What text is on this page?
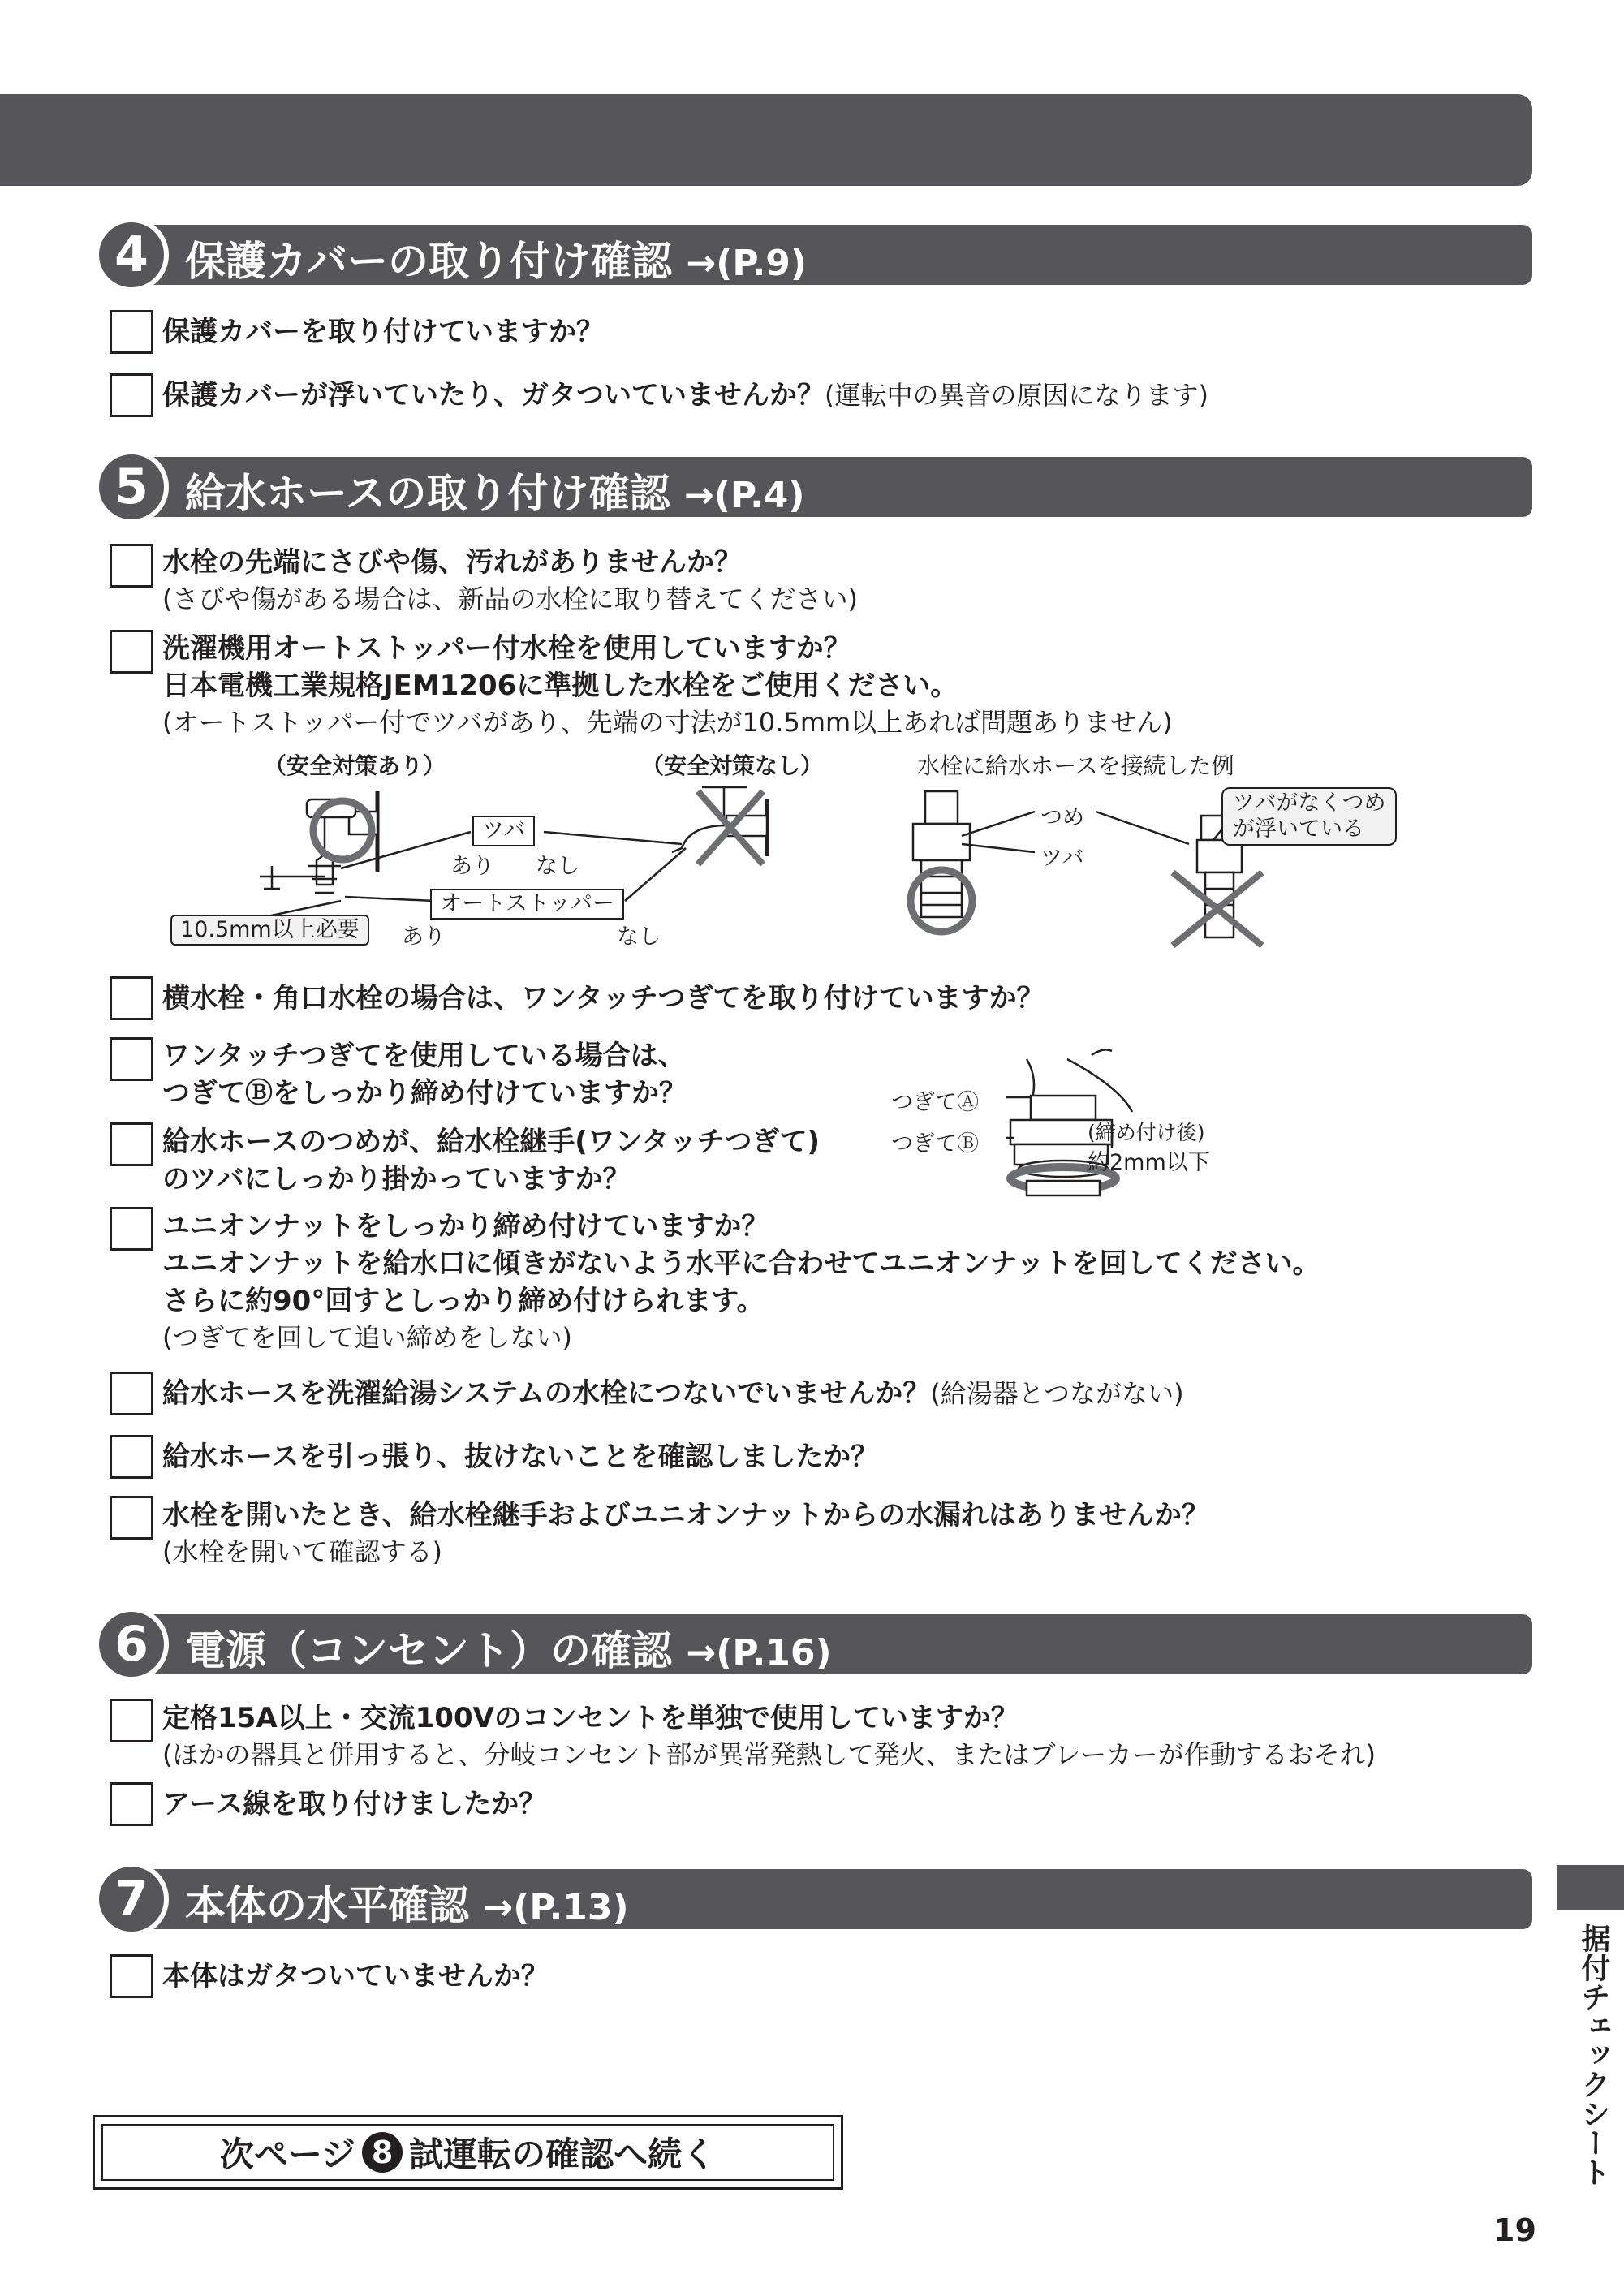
4 保護カバーの取り付け確認 →(P.9)
保護カバーを取り付けていますか？
保護カバーが浮いていたり、ガタついていませんか？(運転中の異音の原因になります)
5 給水ホースの取り付け確認 →(P.4)
水栓の先端にさびや傷、汚れがありませんか？
(さびや傷がある場合は、新品の水栓に取り替えてください)
洗濯機用オートストッパー付水栓を使用していますか？
日本電機工業規格JEM1206に準拠した水栓をご使用ください。
(オートストッパー付でツバがあり、先端の寸法が10.5mm以上あれば問題ありません)
（安全対策あり）	（安全対策なし）	水栓に給水ホースを接続した例
ツバ
あり なし
オートストッパー
あり	なし
10.5mm以上必要
つめ
ツバ
ツバがなくつめ
が浮いている
横水栓・角口水栓の場合は、ワンタッチつぎてを取り付けていますか？
ワンタッチつぎてを使用している場合は、
つぎてⒷをしっかり締め付けていますか？
給水ホースのつめが、給水栓継手(ワンタッチつぎて)
のツバにしっかり掛かっていますか？
つぎてⒶ
つぎてⒷ	(締め付け後)
約2mm以下
ユニオンナットをしっかり締め付けていますか？
ユニオンナットを給水口に傾きがないよう水平に合わせてユニオンナットを回してください。
さらに約90°回すとしっかり締め付けられます。
(つぎてを回して追い締めをしない)
給水ホースを洗濯給湯システムの水栓につないでいませんか？(給湯器とつながない)
給水ホースを引っ張り、抜けないことを確認しましたか？
水栓を開いたとき、給水栓継手およびユニオンナットからの水漏れはありませんか？
(水栓を開いて確認する)
6 電源（コンセント）の確認 →(P.16)
定格15A以上・交流100Vのコンセントを単独で使用していますか？
(ほかの器具と併用すると、分岐コンセント部が異常発熱して発火、またはブレーカーが作動するおそれ)
アース線を取り付けましたか？
7 本体の水平確認 →(P.13)
本体はガタついていませんか？
次ページ 8 試運転の確認 へ続く	据付チェックシート
19
